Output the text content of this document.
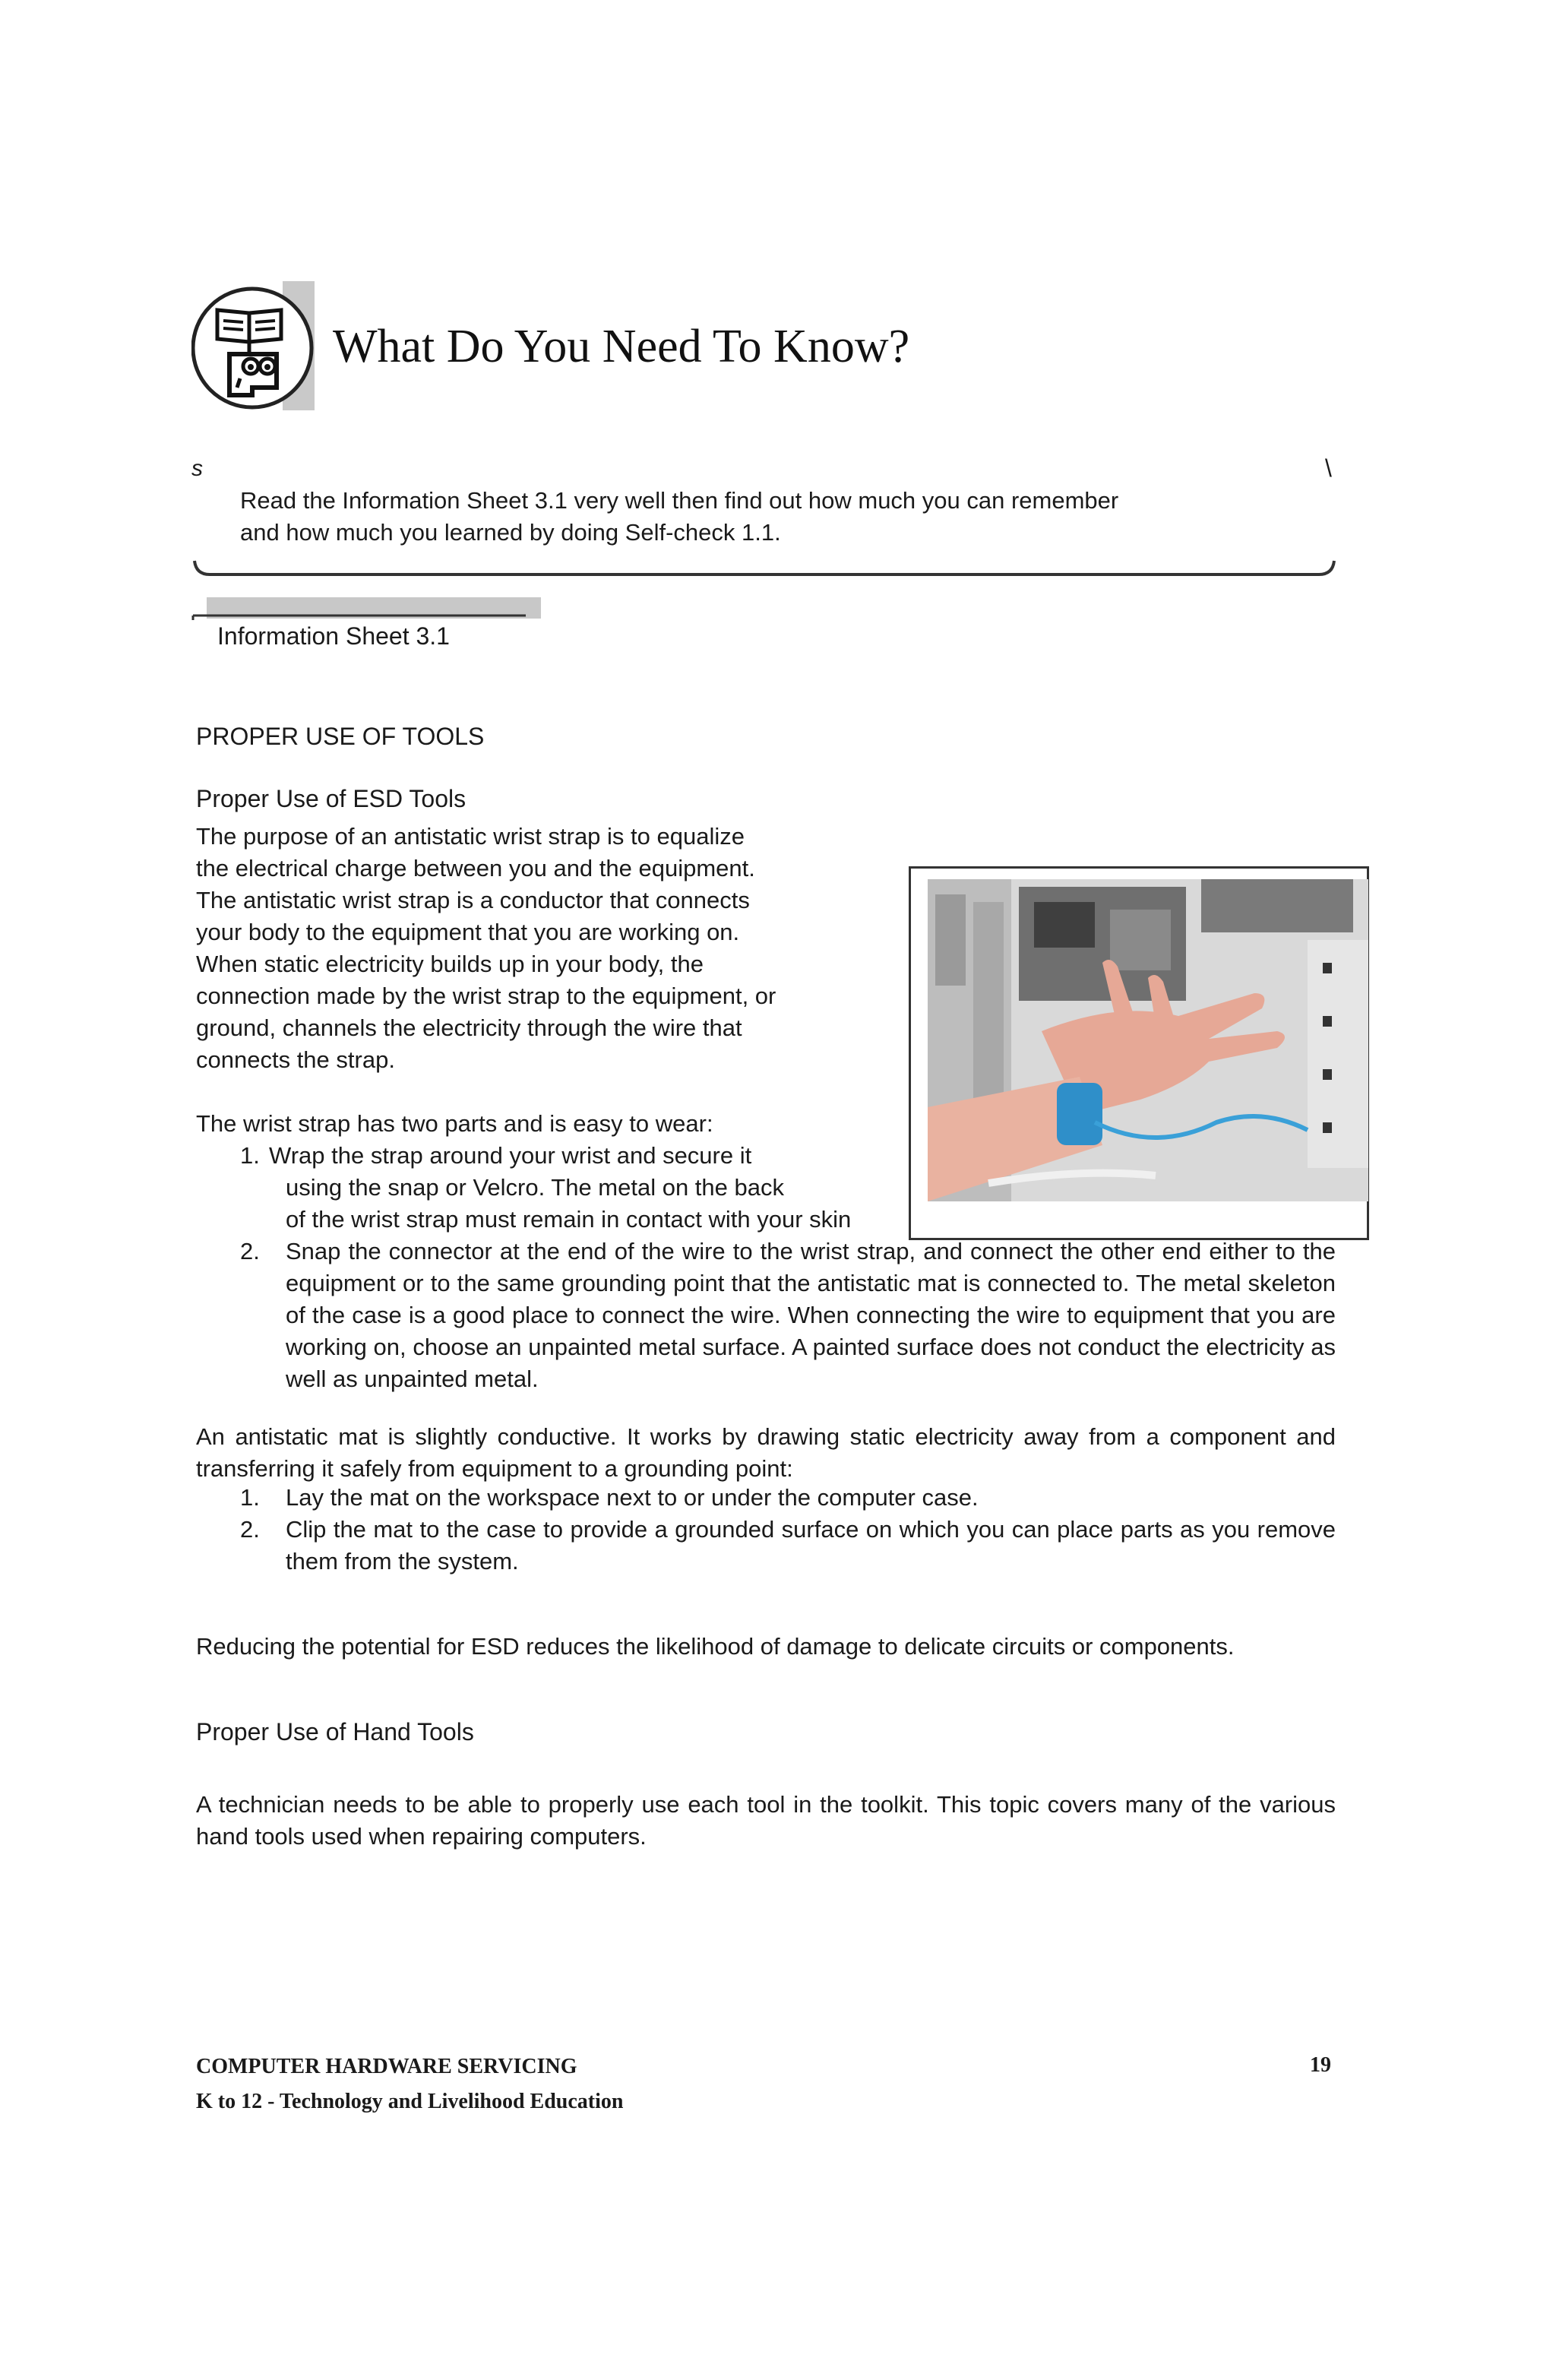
What Do You Need To Know?
s	\
Read the Information Sheet 3.1 very well then find out how much you can remember
and how much you learned by doing Self-check 1.1.
Information Sheet 3.1
PROPER USE OF TOOLS
Proper Use of ESD Tools
The purpose of an antistatic wrist strap is to equalize
the electrical charge between you and the equipment.
The antistatic wrist strap is a conductor that connects
your body to the equipment that you are working on.
When static electricity builds up in your body, the
connection made by the wrist strap to the equipment, or
ground, channels the electricity through the wire that
connects the strap.
The wrist strap has two parts and is easy to wear:
1. Wrap the strap around your wrist and secure it
using the snap or Velcro. The metal on the back
of the wrist strap must remain in contact with your skin
2.	Snap the connector at the end of the wire to the wrist strap, and connect the other end either to the equipment or to the same grounding point that the antistatic mat is connected to. The metal skeleton of the case is a good place to connect the wire. When connecting the wire to equipment that you are working on, choose an unpainted metal surface. A painted surface does not conduct the electricity as well as unpainted metal.
An antistatic mat is slightly conductive. It works by drawing static electricity away from a component and transferring it safely from equipment to a grounding point:
1.	Lay the mat on the workspace next to or under the computer case.
2.	Clip the mat to the case to provide a grounded surface on which you can place parts as you remove them from the system.
Reducing the potential for ESD reduces the likelihood of damage to delicate circuits or components.
Proper Use of Hand Tools
A technician needs to be able to properly use each tool in the toolkit. This topic covers many of the various hand tools used when repairing computers.
COMPUTER HARDWARE SERVICING
K to 12 - Technology and Livelihood Education
19
